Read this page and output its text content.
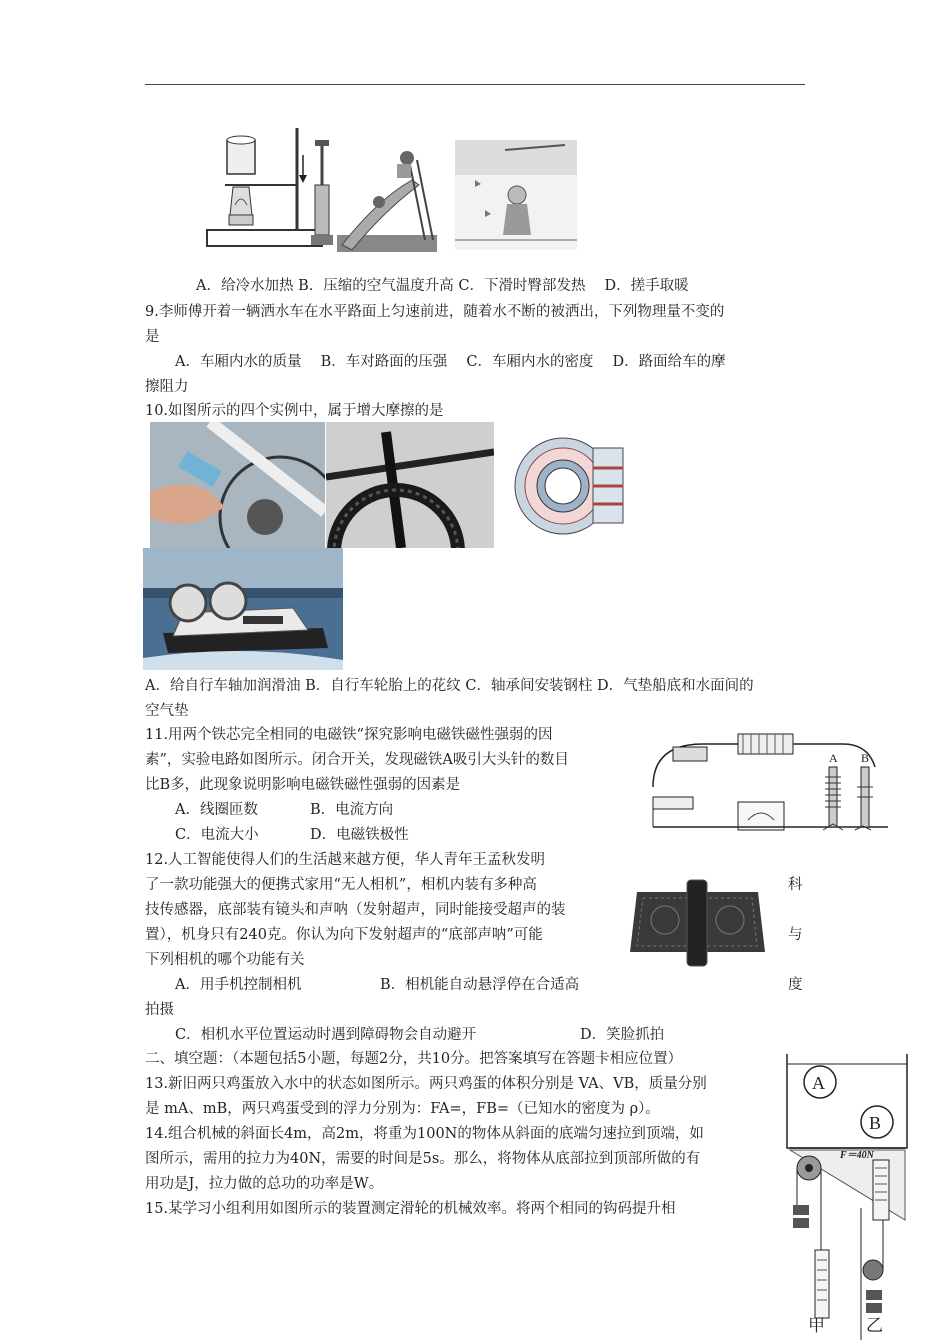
A．给冷水加热 B．压缩的空气温度升高 C．下滑时臀部发热　 D．搓手取暖
9.李师傅开着一辆洒水车在水平路面上匀速前进，随着水不断的被洒出，下列物理量不变的
是
A．车厢内水的质量　 B．车对路面的压强　 C．车厢内水的密度　 D．路面给车的摩
擦阻力
10.如图所示的四个实例中，属于增大摩擦的是
A．给自行车轴加润滑油 B．自行车轮胎上的花纹 C．轴承间安装钢柱 D．气垫船底和水面间的
空气垫
11.用两个铁芯完全相同的电磁铁“探究影响电磁铁磁性强弱的因
素”，实验电路如图所示。闭合开关，发现磁铁A吸引大头针的数目
比B多，此现象说明影响电磁铁磁性强弱的因素是
A．线圈匝数	B．电流方向
C．电流大小	D．电磁铁极性
A B
12.人工智能使得人们的生活越来越方便，华人青年王孟秋发明
了一款功能强大的便携式家用“无人相机”，相机内装有多种高	科
技传感器，底部装有镜头和声呐（发射超声，同时能接受超声的装
置），机身只有240克。你认为向下发射超声的“底部声呐”可能	与
下列相机的哪个功能有关
A．用手机控制相机	B．相机能自动悬浮停在合适高	度
拍摄
C．相机水平位置运动时遇到障碍物会自动避开	D．笑脸抓拍
二、填空题：（本题包括5小题，每题2分，共10分。把答案填写在答题卡相应位置）
13.新旧两只鸡蛋放入水中的状态如图所示。两只鸡蛋的体积分别是 VA、VB，质量分别
是 mA、mB，两只鸡蛋受到的浮力分别为：FA=，FB=（已知水的密度为 ρ）。
A
B
14.组合机械的斜面长4m，高2m，将重为100N的物体从斜面的底端匀速拉到顶端，如
图所示，需用的拉力为40N，需要的时间是5s。那么，将物体从底部拉到顶部所做的有
用功是J，拉力做的总功的功率是W。
15.某学习小组利用如图所示的装置测定滑轮的机械效率。将两个相同的钩码提升相
F＝40N
甲 乙
